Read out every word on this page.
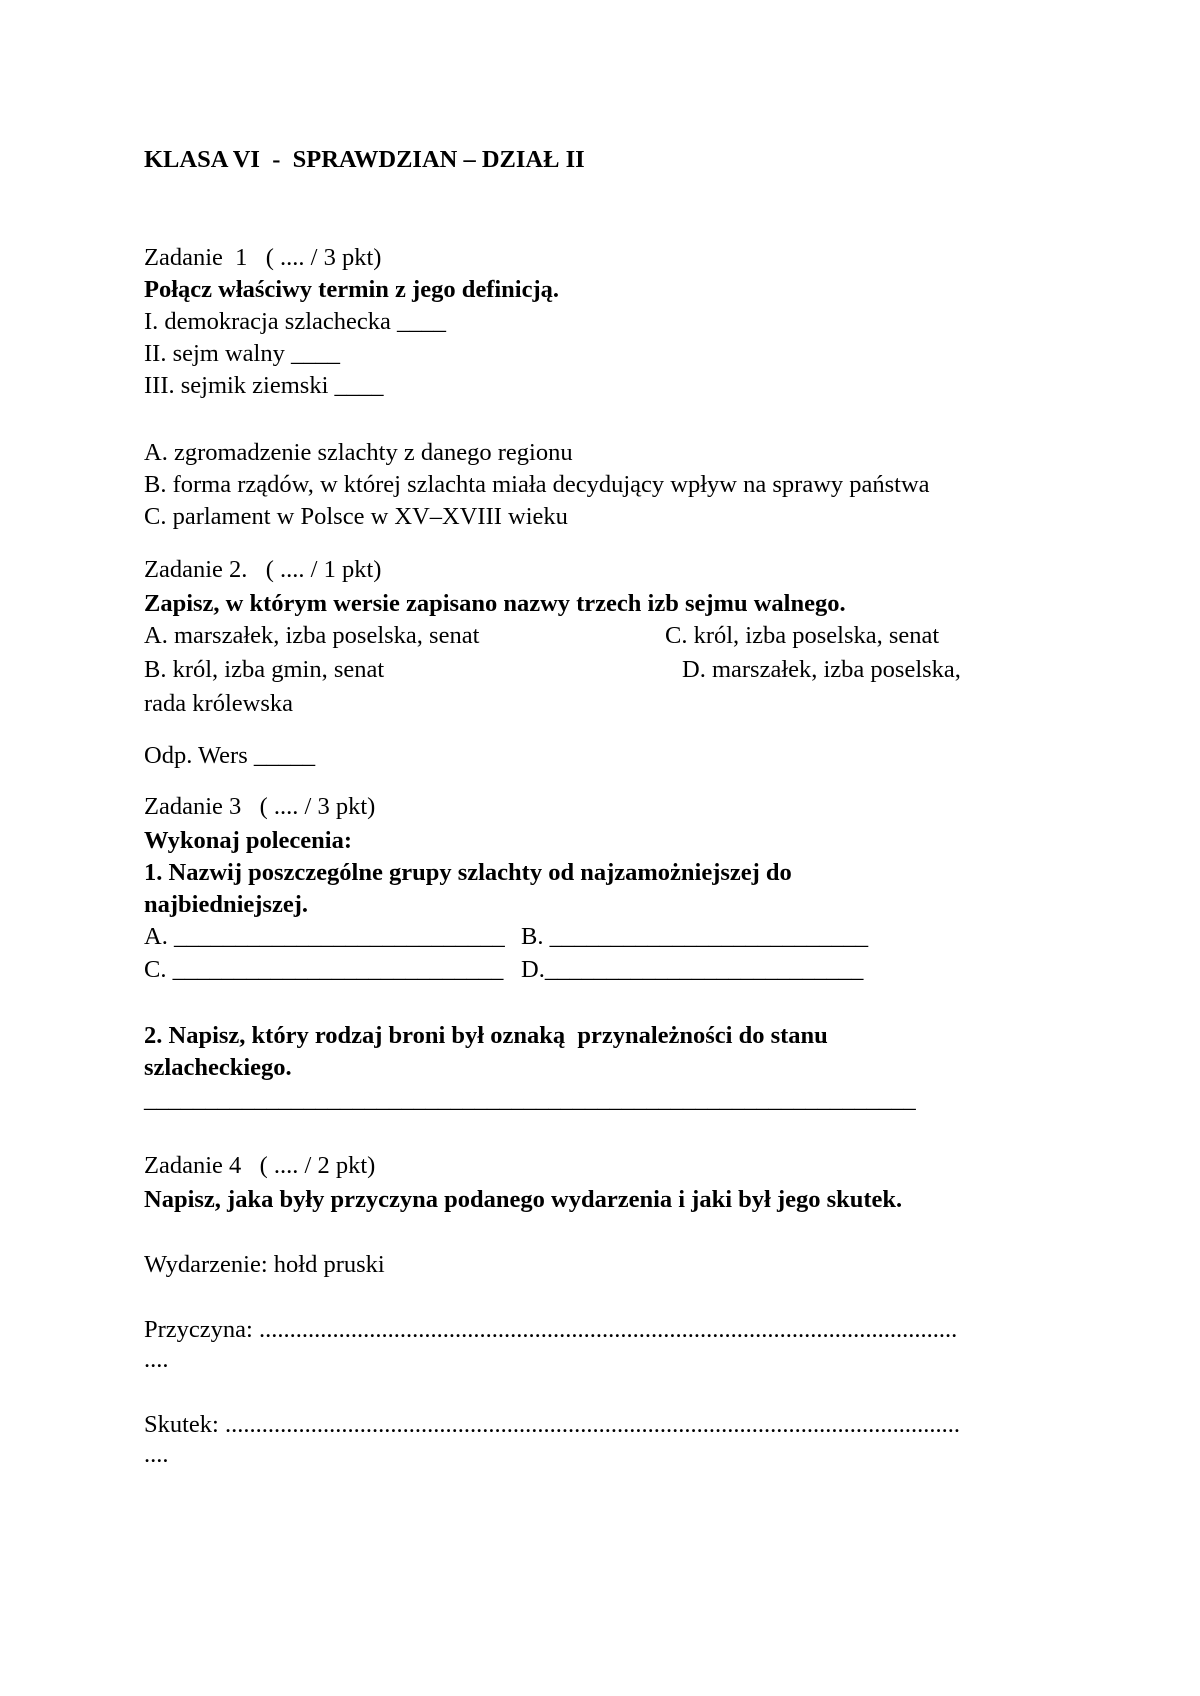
KLASA VI  -  SPRAWDZIAN – DZIAŁ II
Zadanie  1   ( .... / 3 pkt)
Połącz właściwy termin z jego definicją.
I. demokracja szlachecka ____
II. sejm walny ____
III. sejmik ziemski ____
A. zgromadzenie szlachty z danego regionu
B. forma rządów, w której szlachta miała decydujący wpływ na sprawy państwa
C. parlament w Polsce w XV–XVIII wieku
Zadanie 2.   ( .... / 1 pkt)
Zapisz, w którym wersie zapisano nazwy trzech izb sejmu walnego.
A. marszałek, izba poselska, senat	C. król, izba poselska, senat
B. król, izba gmin, senat	D. marszałek, izba poselska,
rada królewska
Odp. Wers _____
Zadanie 3   ( .... / 3 pkt)
Wykonaj polecenia:
1. Nazwij poszczególne grupy szlachty od najzamożniejszej do
najbiedniejszej.
A. ___________________________ B. __________________________
C. ___________________________ D.__________________________
2. Napisz, który rodzaj broni był oznaką  przynależności do stanu
szlacheckiego.
_______________________________________________________________
Zadanie 4   ( .... / 2 pkt)
Napisz, jaka były przyczyna podanego wydarzenia i jaki był jego skutek.
Wydarzenie: hołd pruski
Przyczyna: ..................................................................................................................
....
Skutek: ........................................................................................................................
....
